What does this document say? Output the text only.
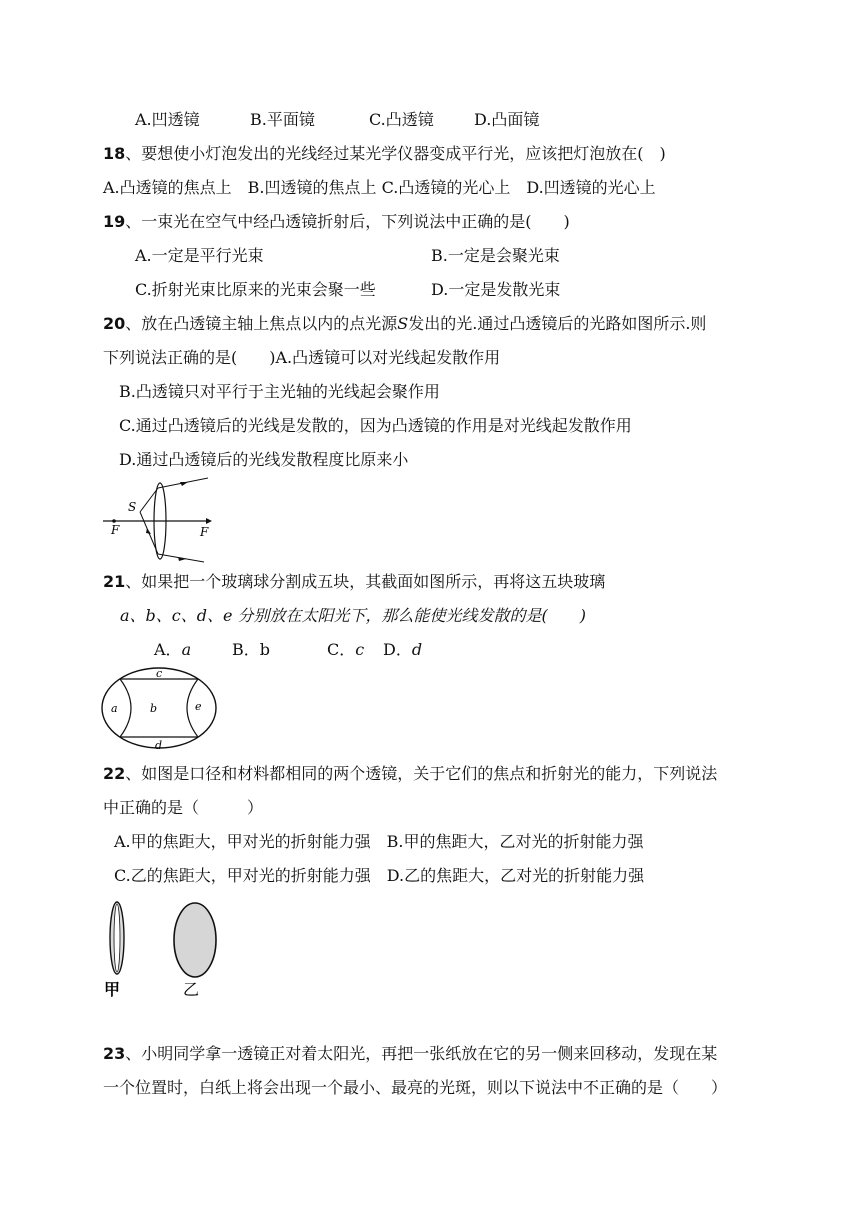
A.凹透镜	B.平面镜	C.凸透镜	D.凸面镜
18、要想使小灯泡发出的光线经过某光学仪器变成平行光，应该把灯泡放在(　)
A.凸透镜的焦点上　B.凹透镜的焦点上 C.凸透镜的光心上　D.凹透镜的光心上
19、一束光在空气中经凸透镜折射后，下列说法中正确的是(　　)
A.一定是平行光束	B.一定是会聚光束
C.折射光束比原来的光束会聚一些	D.一定是发散光束
20、放在凸透镜主轴上焦点以内的点光源S发出的光.通过凸透镜后的光路如图所示.则
下列说法正确的是(　　)A.凸透镜可以对光线起发散作用
B.凸透镜只对平行于主光轴的光线起会聚作用
C.通过凸透镜后的光线是发散的，因为凸透镜的作用是对光线起发散作用
D.通过凸透镜后的光线发散程度比原来小
S
F	F
21、如果把一个玻璃球分割成五块，其截面如图所示，再将这五块玻璃
a、b、c、d、e 分别放在太阳光下，那么能使光线发散的是(　　)
A．a	B．b	C．c D．d
c
a	b	e
d
22、如图是口径和材料都相同的两个透镜，关于它们的焦点和折射光的能力，下列说法
中正确的是（　　　）
A.甲的焦距大，甲对光的折射能力强　B.甲的焦距大，乙对光的折射能力强
C.乙的焦距大，甲对光的折射能力强　D.乙的焦距大，乙对光的折射能力强
甲	乙
23、小明同学拿一透镜正对着太阳光，再把一张纸放在它的另一侧来回移动，发现在某
一个位置时，白纸上将会出现一个最小、最亮的光斑，则以下说法中不正确的是（　　）
